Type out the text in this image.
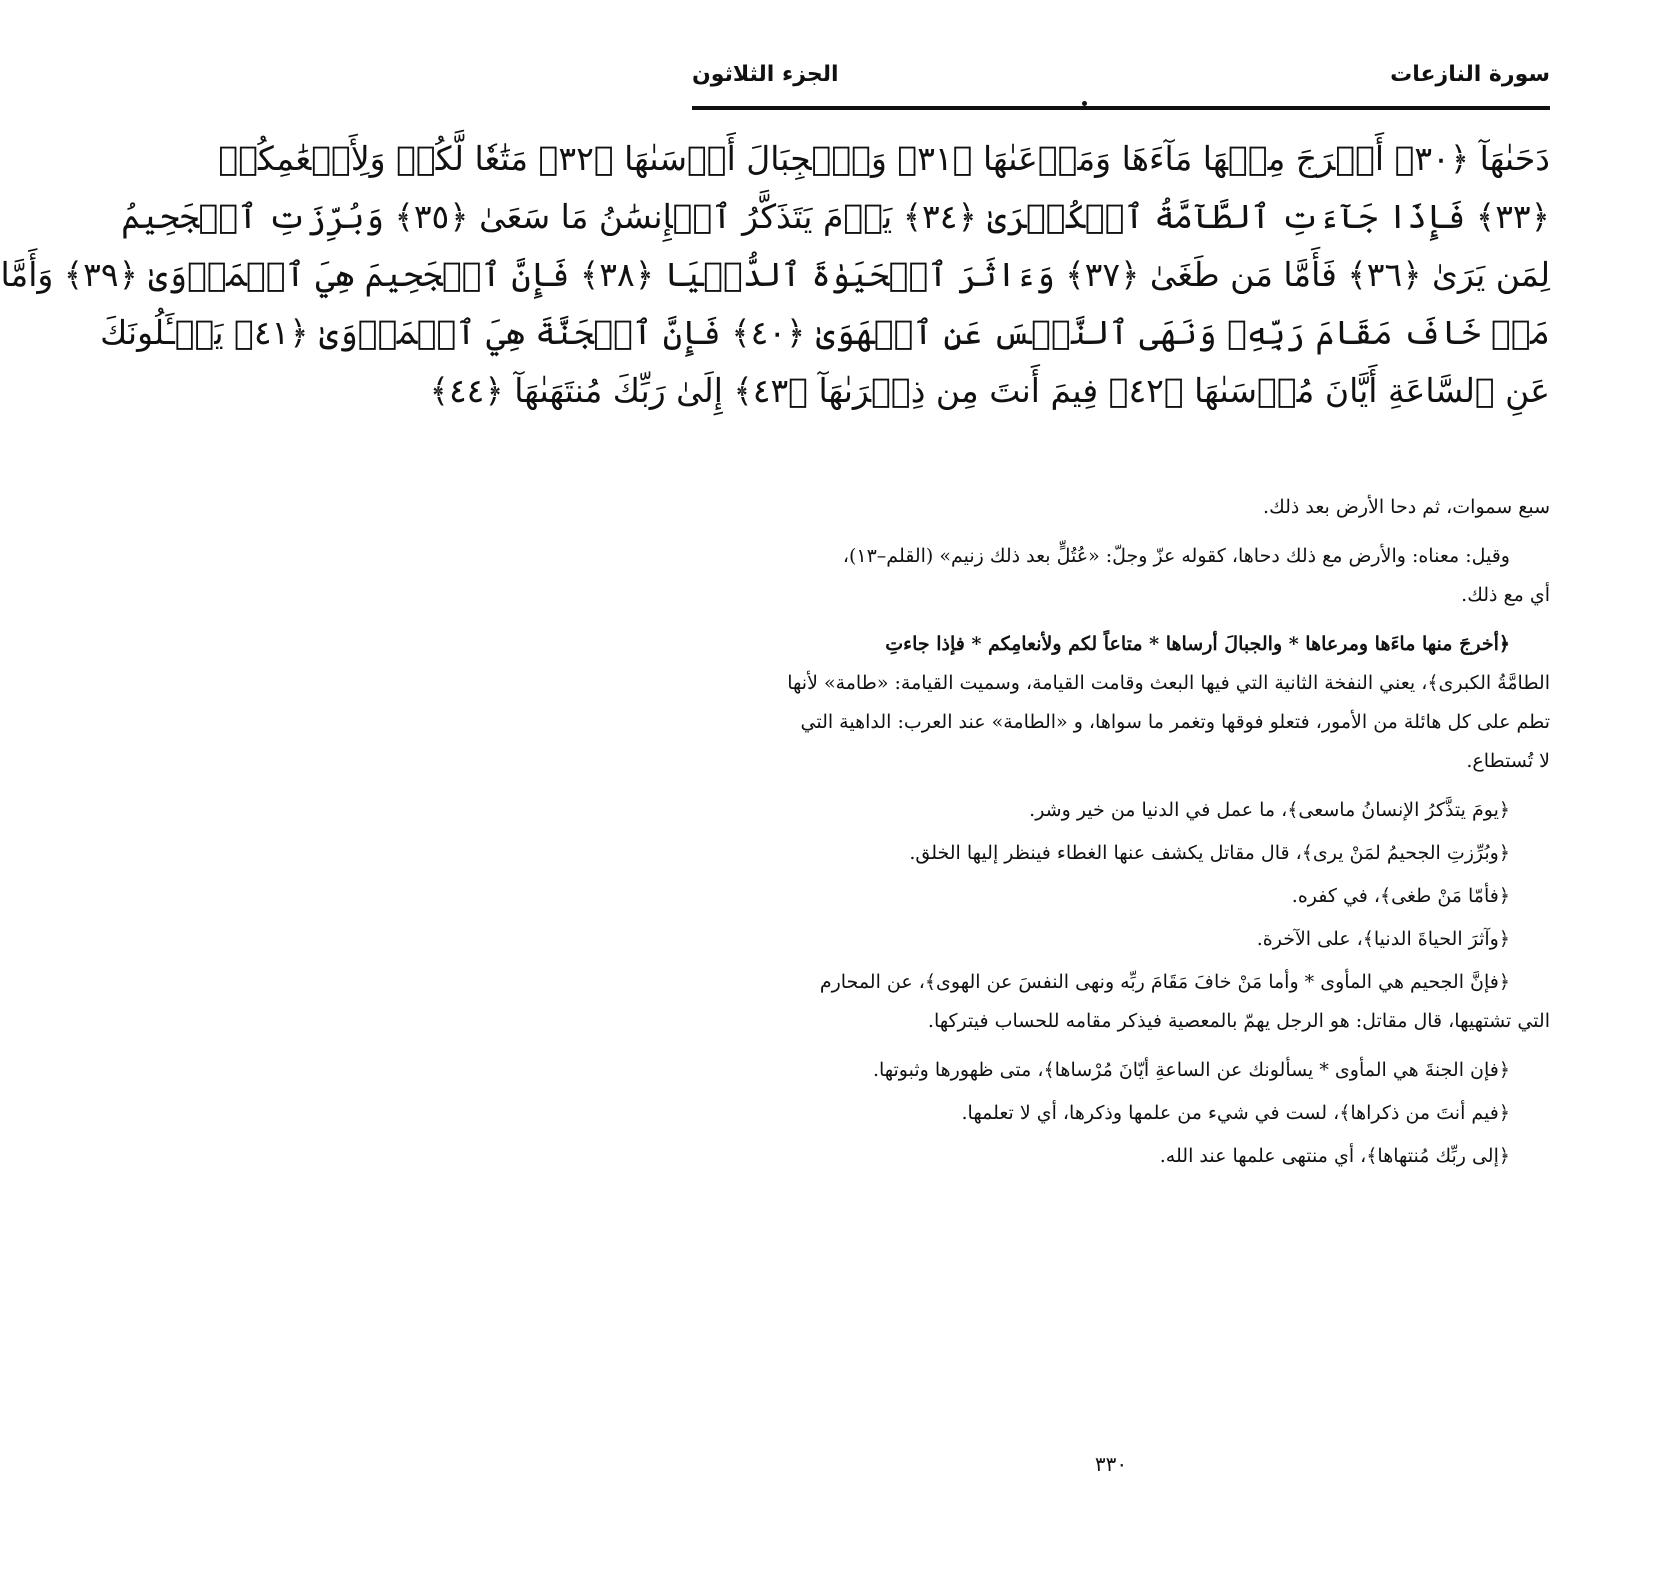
سورة النازعات
الجزء الثلاثون
دَحَىٰهَآ ﴿٣٠﴾ أَخۡرَجَ مِنۡهَا مَآءَهَا وَمَرۡعَىٰهَا ﴿٣١﴾ وَٱلۡجِبَالَ أَرۡسَىٰهَا ﴿٣٢﴾ مَتَٰعٗا لَّكُمۡ وَلِأَنۡعَٰمِكُمۡ
﴿٣٣﴾ فَإِذَا جَآءَتِ ٱلطَّآمَّةُ ٱلۡكُبۡرَىٰ ﴿٣٤﴾ يَوۡمَ يَتَذَكَّرُ ٱلۡإِنسَٰنُ مَا سَعَىٰ ﴿٣٥﴾ وَبُرِّزَتِ ٱلۡجَحِيمُ
لِمَن يَرَىٰ ﴿٣٦﴾ فَأَمَّا مَن طَغَىٰ ﴿٣٧﴾ وَءَاثَرَ ٱلۡحَيَوٰةَ ٱلدُّنۡيَا ﴿٣٨﴾ فَإِنَّ ٱلۡجَحِيمَ هِيَ ٱلۡمَأۡوَىٰ ﴿٣٩﴾ وَأَمَّا
مَنۡ خَافَ مَقَامَ رَبِّهِۦ وَنَهَى ٱلنَّفۡسَ عَنِ ٱلۡهَوَىٰ ﴿٤٠﴾ فَإِنَّ ٱلۡجَنَّةَ هِيَ ٱلۡمَأۡوَىٰ ﴿٤١﴾ يَسۡـَٔلُونَكَ
عَنِ ٱلسَّاعَةِ أَيَّانَ مُرۡسَىٰهَا ﴿٤٢﴾ فِيمَ أَنتَ مِن ذِكۡرَىٰهَآ ﴿٤٣﴾ إِلَىٰ رَبِّكَ مُنتَهَىٰهَآ ﴿٤٤﴾
سبع سموات، ثم دحا الأرض بعد ذلك.
وقيل: معناه: والأرض مع ذلك دحاها، كقوله عزّ وجلّ: «عُتُلٍّ بعد ذلك زنيم» (القلم–١٣)،
أي مع ذلك.
﴿أخرجَ منها ماءَها ومرعاها * والجبالَ أرساها * متاعاً لكم ولأنعامِكم * فإذا جاءتِ
الطامَّةُ الكبرى﴾، يعني النفخة الثانية التي فيها البعث وقامت القيامة، وسميت القيامة: «طامة» لأنها
تطم على كل هائلة من الأمور، فتعلو فوقها وتغمر ما سواها، و «الطامة» عند العرب: الداهية التي
لا تُستطاع.
﴿يومَ يتذَّكرُ الإنسانُ ماسعى﴾، ما عمل في الدنيا من خير وشر.
﴿وبُرِّزتِ الجحيمُ لمَنْ يرى﴾، قال مقاتل يكشف عنها الغطاء فينظر إليها الخلق.
﴿فأمّا مَنْ طغى﴾، في كفره.
﴿وآثرَ الحياةَ الدنيا﴾، على الآخرة.
﴿فإنَّ الجحيم هي المأوى * وأما مَنْ خافَ مَقَامَ ربِّه ونهى النفسَ عن الهوى﴾، عن المحارم
التي تشتهيها، قال مقاتل: هو الرجل يهمّ بالمعصية فيذكر مقامه للحساب فيتركها.
﴿فإن الجنةَ هي المأوى * يسألونك عن الساعةِ أيّانَ مُرْساها﴾، متى ظهورها وثبوتها.
﴿فيم أنتَ من ذكراها﴾، لست في شيء من علمها وذكرها، أي لا تعلمها.
﴿إلى ربِّك مُنتهاها﴾، أي منتهى علمها عند الله.
٣٣٠
